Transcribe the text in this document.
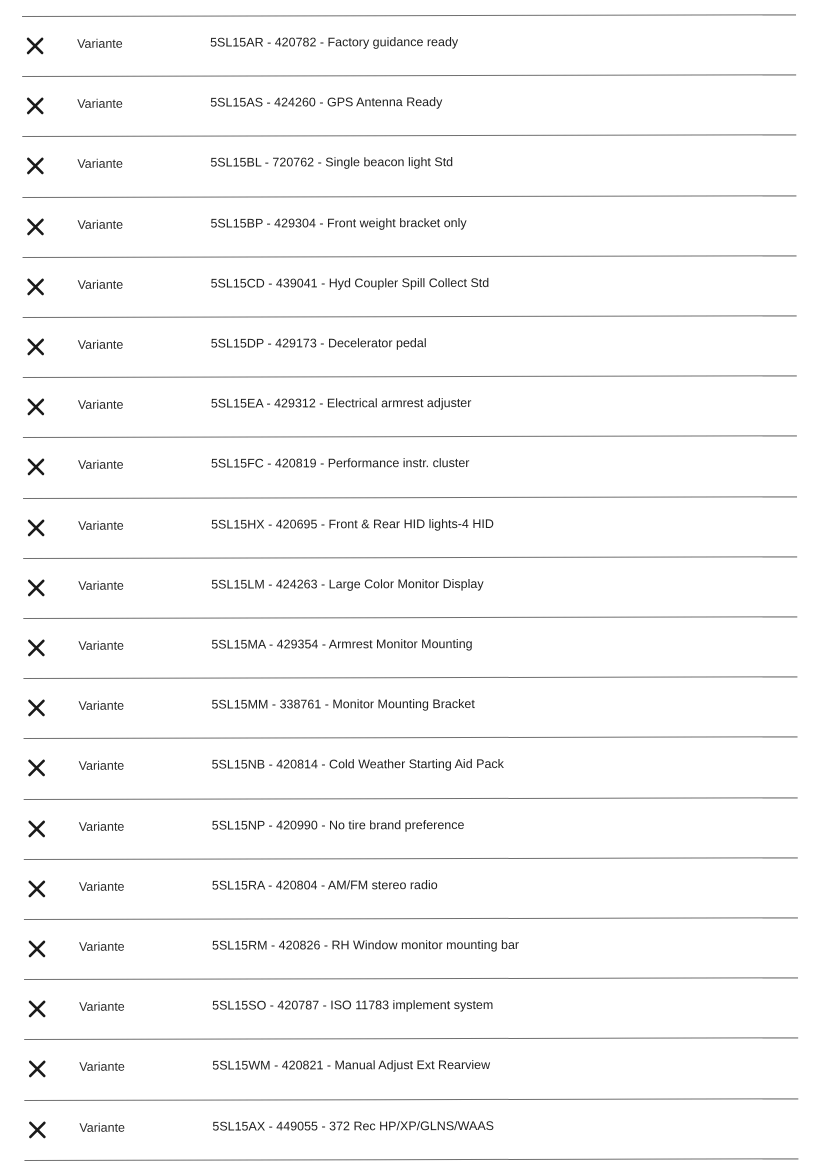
Variante	5SL15AR - 420782 - Factory guidance ready
Variante	5SL15AS - 424260 - GPS Antenna Ready
Variante	5SL15BL - 720762 - Single beacon light Std
Variante	5SL15BP - 429304 - Front weight bracket only
Variante	5SL15CD - 439041 - Hyd Coupler Spill Collect Std
Variante	5SL15DP - 429173 - Decelerator pedal
Variante	5SL15EA - 429312 - Electrical armrest adjuster
Variante	5SL15FC - 420819 - Performance instr. cluster
Variante	5SL15HX - 420695 - Front & Rear HID lights-4 HID
Variante	5SL15LM - 424263 - Large Color Monitor Display
Variante	5SL15MA - 429354 - Armrest Monitor Mounting
Variante	5SL15MM - 338761 - Monitor Mounting Bracket
Variante	5SL15NB - 420814 - Cold Weather Starting Aid Pack
Variante	5SL15NP - 420990 - No tire brand preference
Variante	5SL15RA - 420804 - AM/FM stereo radio
Variante	5SL15RM - 420826 - RH Window monitor mounting bar
Variante	5SL15SO - 420787 - ISO 11783 implement system
Variante	5SL15WM - 420821 - Manual Adjust Ext Rearview
Variante	5SL15AX - 449055 - 372 Rec HP/XP/GLNS/WAAS
